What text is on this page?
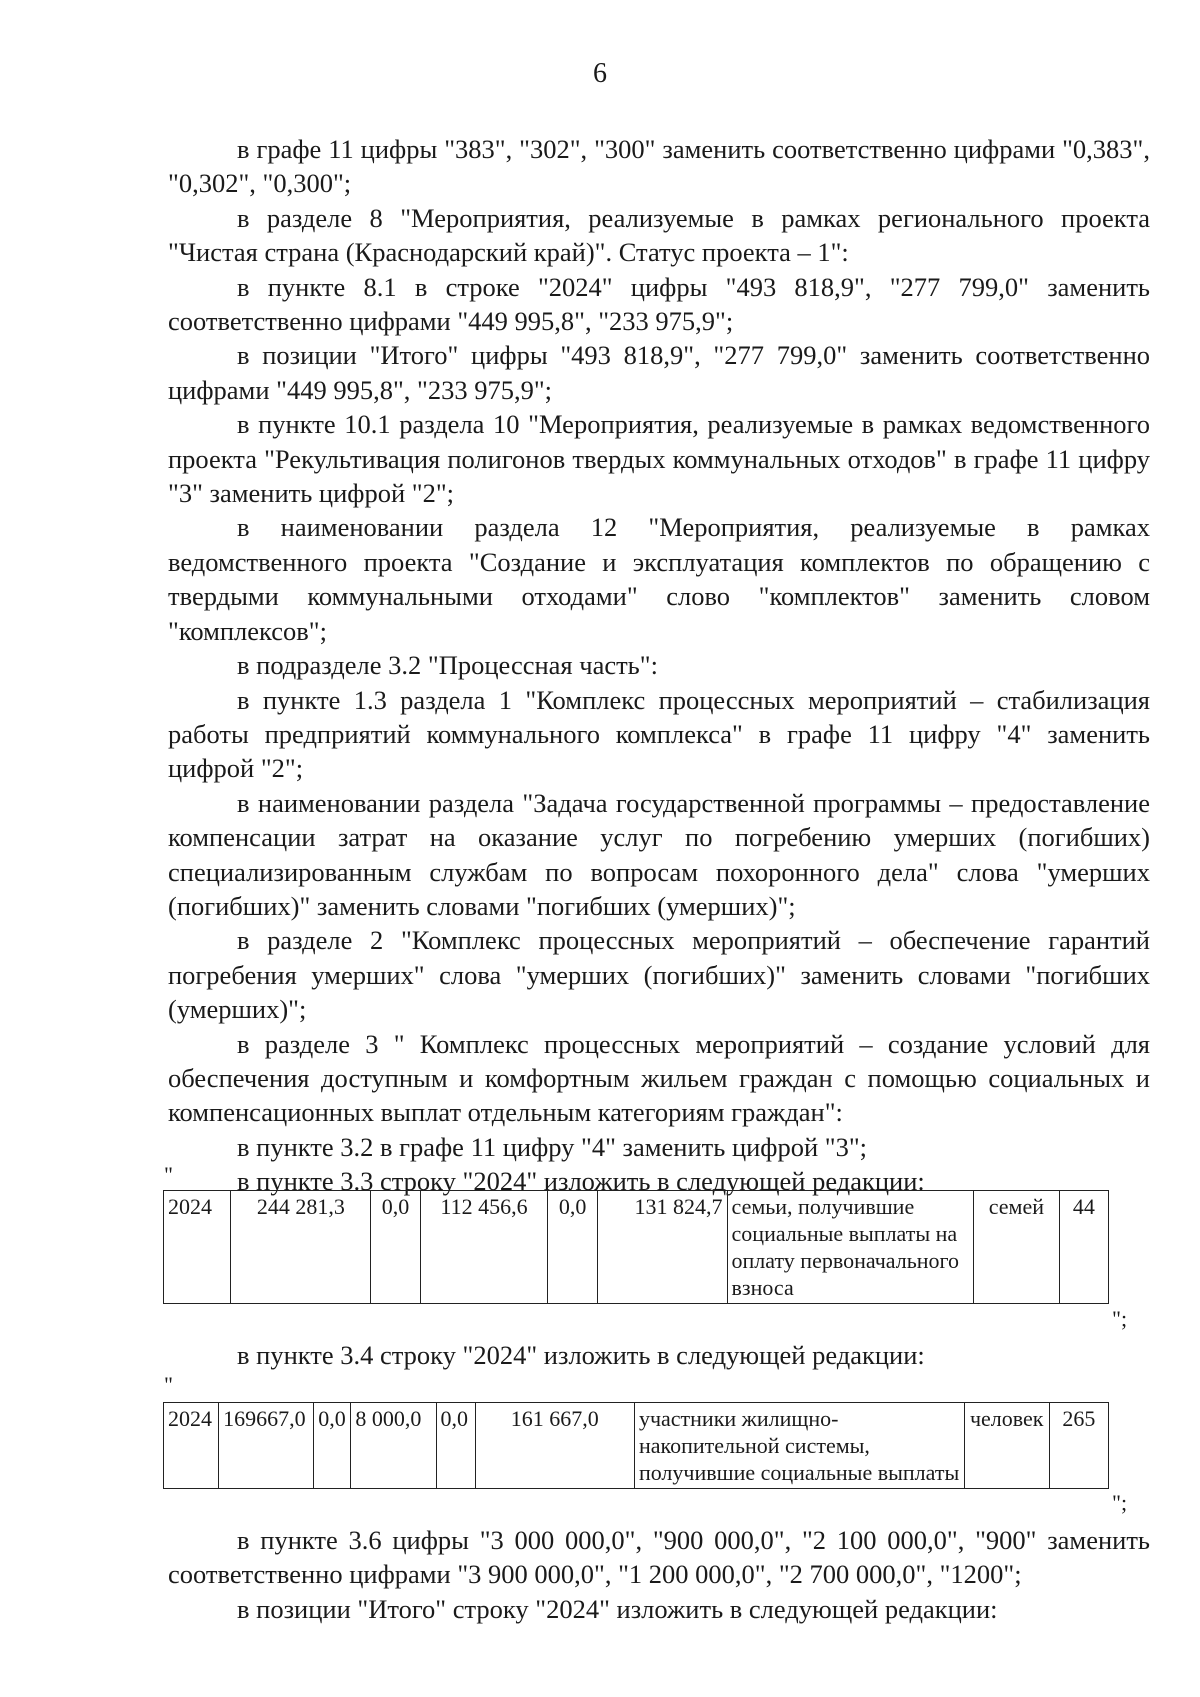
6

в графе 11 цифры "383", "302", "300" заменить соответственно цифрами "0,383", "0,302", "0,300";

в разделе 8 "Мероприятия, реализуемые в рамках регионального проекта "Чистая страна (Краснодарский край)". Статус проекта – 1":

в пункте 8.1 в строке "2024" цифры "493 818,9", "277 799,0" заменить соответственно цифрами "449 995,8", "233 975,9";

в позиции "Итого" цифры "493 818,9", "277 799,0" заменить соответственно цифрами "449 995,8", "233 975,9";

в пункте 10.1 раздела 10 "Мероприятия, реализуемые в рамках ведомственного проекта "Рекультивация полигонов твердых коммунальных отходов" в графе 11 цифру "3" заменить цифрой "2";

в наименовании раздела 12 "Мероприятия, реализуемые в рамках ведомственного проекта "Создание и эксплуатация комплектов по обращению с твердыми коммунальными отходами" слово "комплектов" заменить словом "комплексов";

в подразделе 3.2 "Процессная часть":

в пункте 1.3 раздела 1 "Комплекс процессных мероприятий – стабилизация работы предприятий коммунального комплекса" в графе 11 цифру "4" заменить цифрой "2";

в наименовании раздела "Задача государственной программы – предоставление компенсации затрат на оказание услуг по погребению умерших (погибших) специализированным службам по вопросам похоронного дела" слова "умерших (погибших)" заменить словами "погибших (умерших)";

в разделе 2 "Комплекс процессных мероприятий – обеспечение гарантий погребения умерших" слова "умерших (погибших)" заменить словами "погибших (умерших)";

в разделе 3 " Комплекс процессных мероприятий – создание условий для обеспечения доступным и комфортным жильем граждан с помощью социальных и компенсационных выплат отдельным категориям граждан":

в пункте 3.2 в графе 11 цифру "4" заменить цифрой "3";

в пункте 3.3 строку "2024" изложить в следующей редакции:

"
2024	244 281,3	0,0	112 456,6	0,0	131 824,7	семьи, получившие социальные выплаты на оплату первоначального взноса	семей	44
";

в пункте 3.4 строку "2024" изложить в следующей редакции:

"
2024	169667,0	0,0	8 000,0	0,0	161 667,0	участники жилищно-накопительной системы, получившие социальные выплаты	человек	265
";

в пункте 3.6 цифры "3 000 000,0", "900 000,0", "2 100 000,0", "900" заменить соответственно цифрами "3 900 000,0", "1 200 000,0", "2 700 000,0", "1200";

в позиции "Итого" строку "2024" изложить в следующей редакции:
